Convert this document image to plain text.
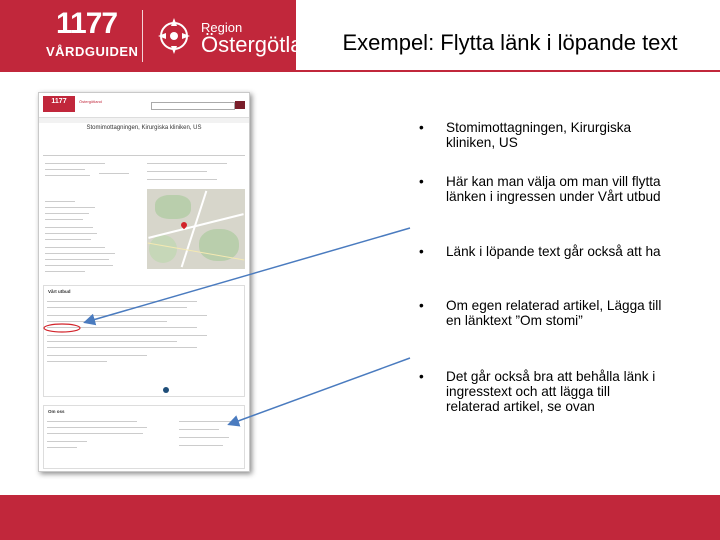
1177
VÅRDGUIDEN
Region
Östergötland Exempel: Flytta länk i löpande text
1177	Östergötland
Stomimottagningen, Kirurgiska kliniken, US
Vårt utbud
Om oss
• Stomimottagningen, Kirurgiska kliniken, US
• Här kan man välja om man vill flytta länken i ingressen under Vårt utbud
• Länk i löpande text går också att ha
• Om egen relaterad artikel, Lägga till en länktext ”Om stomi”
• Det går också bra att behålla länk i ingresstext och att lägga till relaterad artikel, se ovan
